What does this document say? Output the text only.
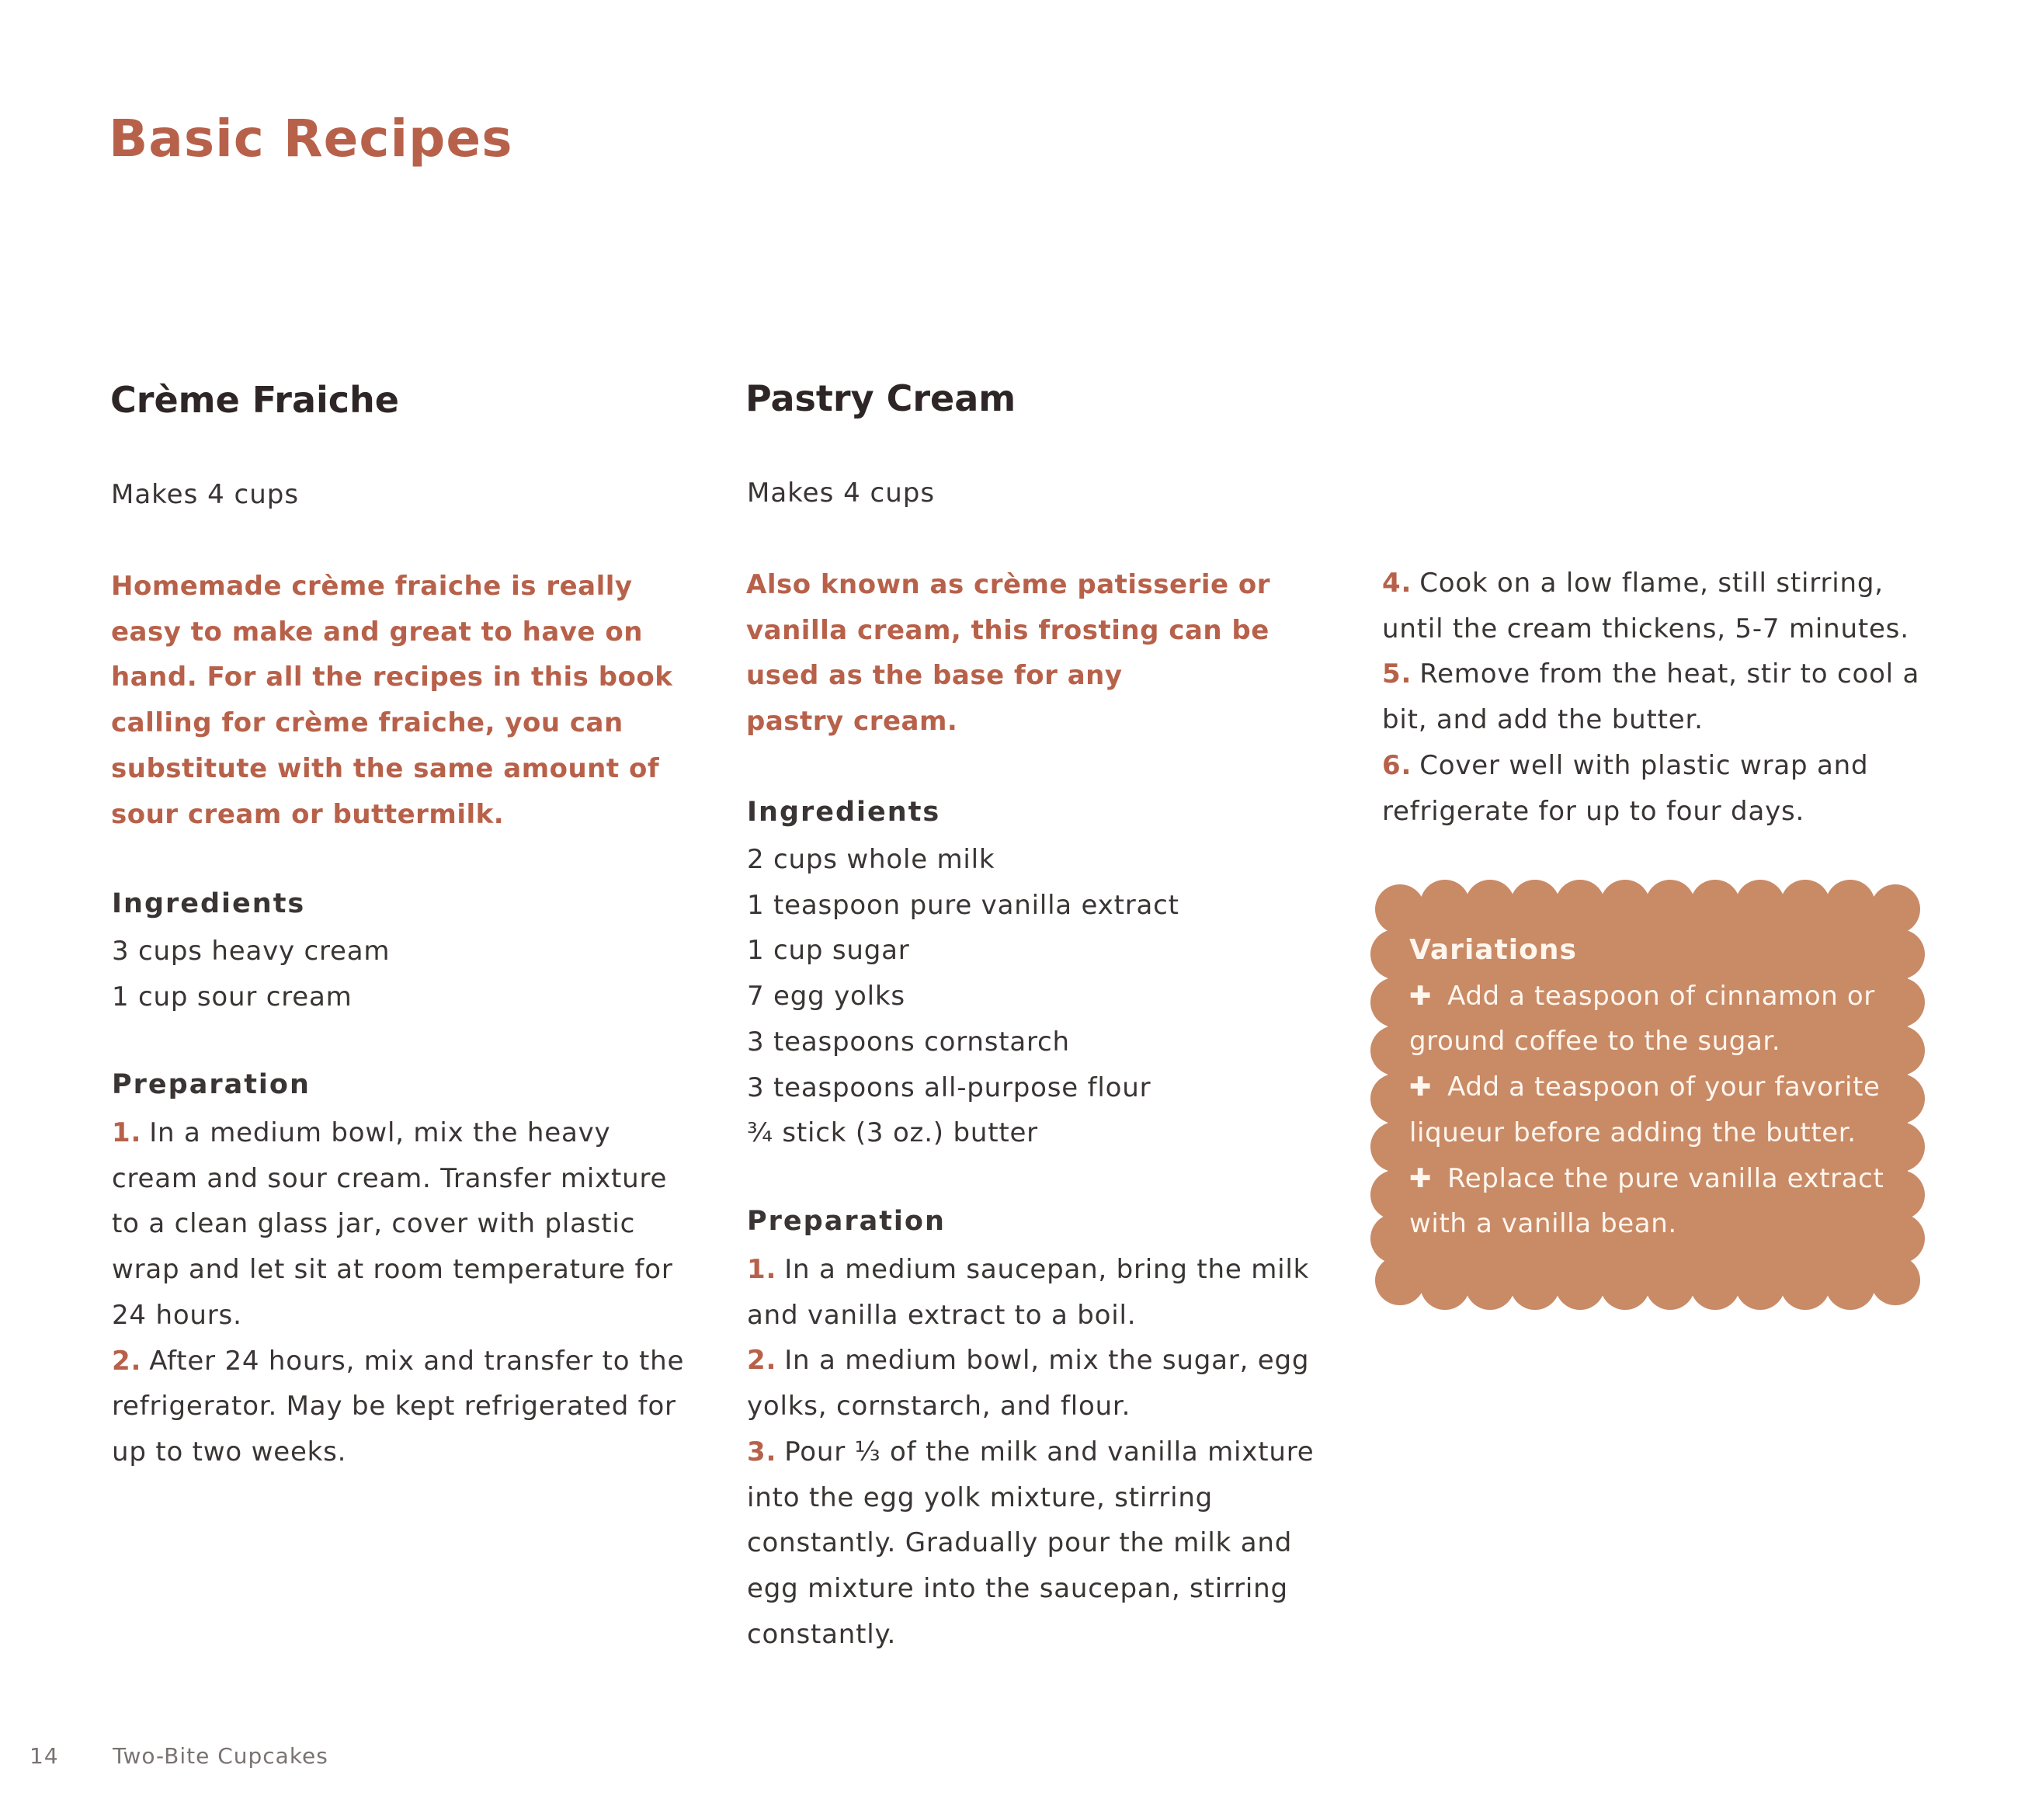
Basic Recipes
Crème Fraiche
Makes 4 cups
Homemade crème fraiche is really
easy to make and great to have on
hand. For all the recipes in this book
calling for crème fraiche, you can
substitute with the same amount of
sour cream or buttermilk.
Ingredients
3 cups heavy cream
1 cup sour cream
Preparation
1. In a medium bowl, mix the heavy
cream and sour cream. Transfer mixture
to a clean glass jar, cover with plastic
wrap and let sit at room temperature for
24 hours.
2. After 24 hours, mix and transfer to the
refrigerator. May be kept refrigerated for
up to two weeks.
Pastry Cream
Makes 4 cups
Also known as crème patisserie or
vanilla cream, this frosting can be
used as the base for any
pastry cream.
Ingredients
2 cups whole milk
1 teaspoon pure vanilla extract
1 cup sugar
7 egg yolks
3 teaspoons cornstarch
3 teaspoons all-purpose flour
¾ stick (3 oz.) butter
Preparation
1. In a medium saucepan, bring the milk
and vanilla extract to a boil.
2. In a medium bowl, mix the sugar, egg
yolks, cornstarch, and flour.
3. Pour ⅓ of the milk and vanilla mixture
into the egg yolk mixture, stirring
constantly. Gradually pour the milk and
egg mixture into the saucepan, stirring
constantly.
4. Cook on a low flame, still stirring,
until the cream thickens, 5-7 minutes.
5. Remove from the heat, stir to cool a
bit, and add the butter.
6. Cover well with plastic wrap and
refrigerate for up to four days.
Variations
✚ Add a teaspoon of cinnamon or
ground coffee to the sugar.
✚ Add a teaspoon of your favorite
liqueur before adding the butter.
✚ Replace the pure vanilla extract
with a vanilla bean.
14 Two-Bite Cupcakes
